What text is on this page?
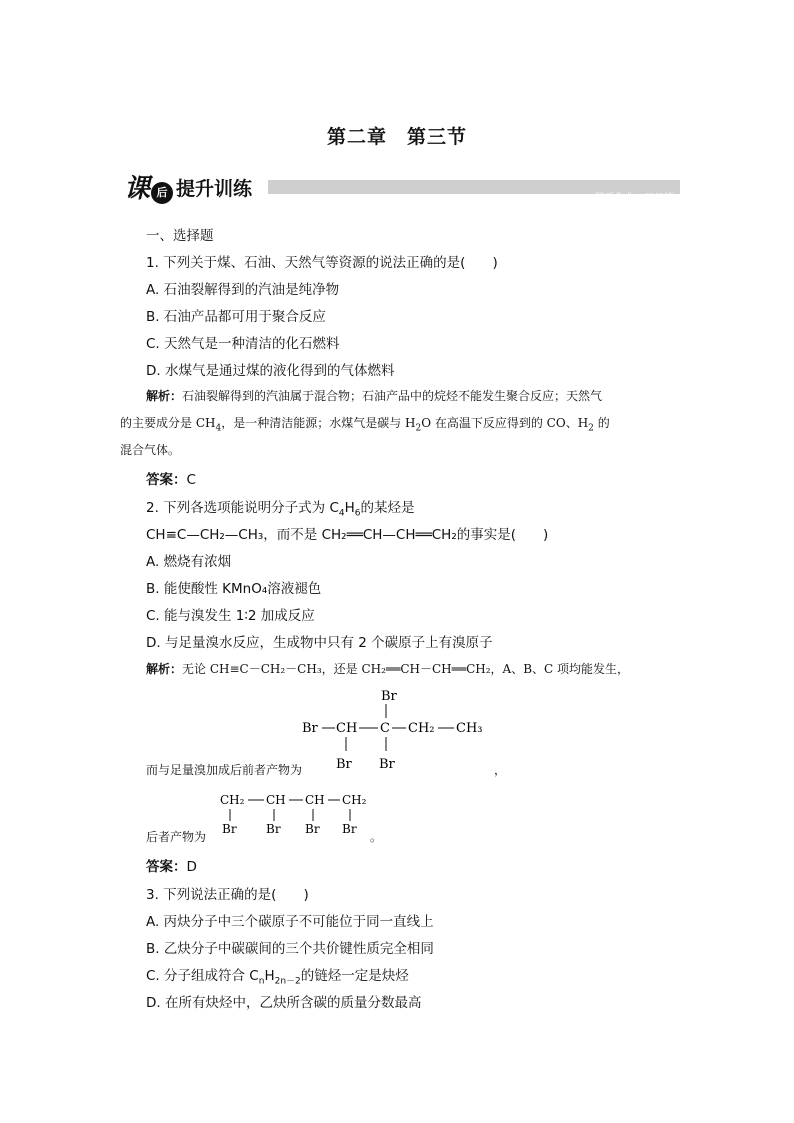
第二章　第三节
课后作业 · 日日清
课 后 提升训练
一、选择题
1. 下列关于煤、石油、天然气等资源的说法正确的是(　　)
A. 石油裂解得到的汽油是纯净物
B. 石油产品都可用于聚合反应
C. 天然气是一种清洁的化石燃料
D. 水煤气是通过煤的液化得到的气体燃料
解析：石油裂解得到的汽油属于混合物；石油产品中的烷烃不能发生聚合反应；天然气
的主要成分是 $CH_4$，是一种清洁能源；水煤气是碳与 $H_2O$ 在高温下反应得到的 CO、$H_2$ 的
混合气体。
答案：C
2. 下列各选项能说明分子式为 $C_4H_6$的某烃是
CH≡C—CH₂—CH₃，而不是 CH₂══CH—CH══CH₂的事实是(　　)
A. 燃烧有浓烟
B. 能使酸性 KMnO₄溶液褪色
C. 能与溴发生 1∶2 加成反应
D. 与足量溴水反应，生成物中只有 2 个碳原子上有溴原子
解析：无论 CH≡C－CH₂－CH₃，还是 CH₂══CH－CH══CH₂，A、B、C 项均能发生，
Br
Br CH C CH₂ CH₃
Br Br
而与足量溴加成后前者产物为	，
CH₂ CH CH CH₂
Br Br Br Br
后者产物为	。
答案：D
3. 下列说法正确的是(　　)
A. 丙炔分子中三个碳原子不可能位于同一直线上
B. 乙炔分子中碳碳间的三个共价键性质完全相同
C. 分子组成符合 $C_nH_{2n-2}$的链烃一定是炔烃
D. 在所有炔烃中，乙炔所含碳的质量分数最高
